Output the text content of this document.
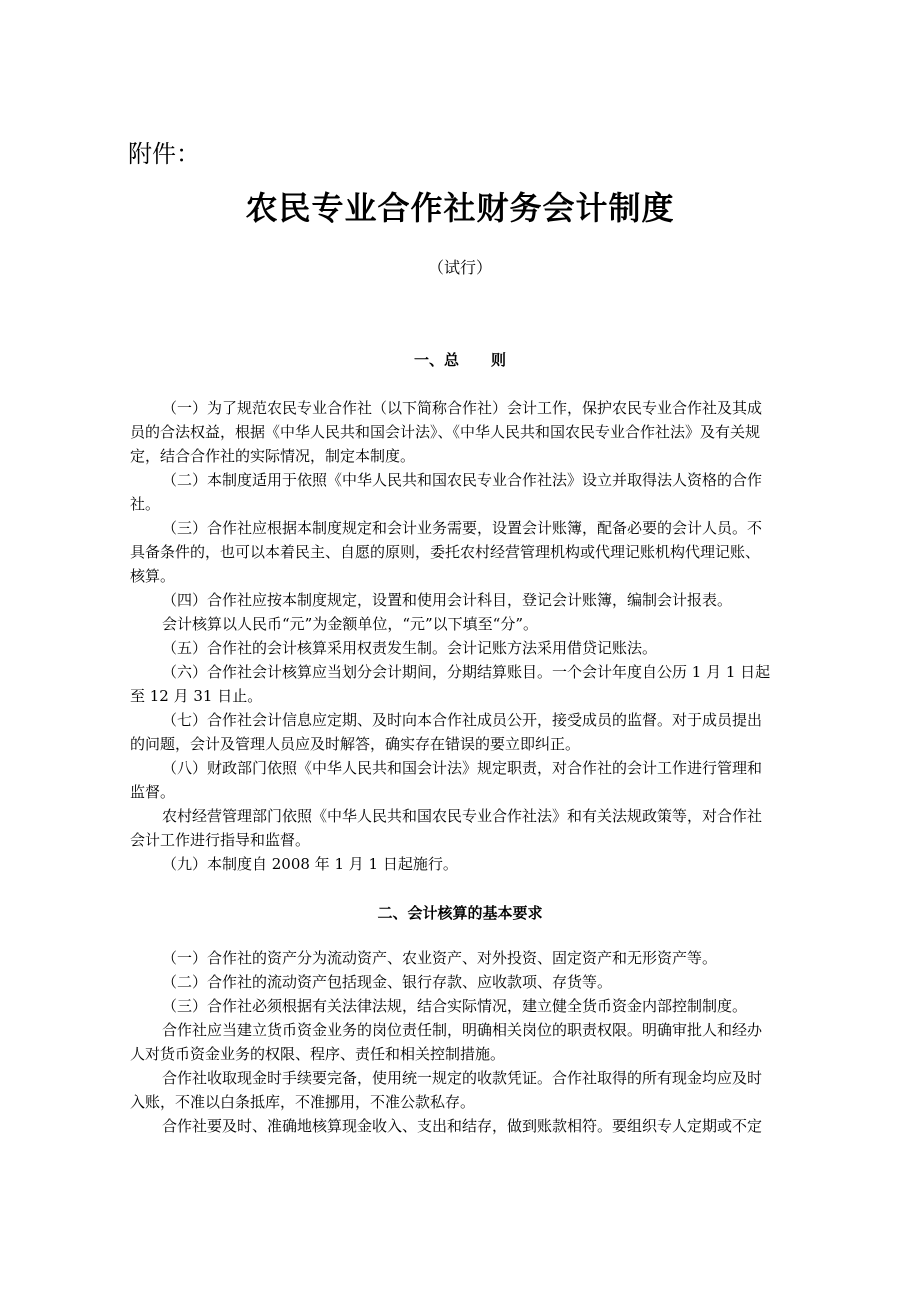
附件：
农民专业合作社财务会计制度
（试行）
一、总 则
（一）为了规范农民专业合作社（以下简称合作社）会计工作，保护农民专业合作社及其成
员的合法权益，根据《中华人民共和国会计法》、《中华人民共和国农民专业合作社法》及有关规
定，结合合作社的实际情况，制定本制度。
（二）本制度适用于依照《中华人民共和国农民专业合作社法》设立并取得法人资格的合作
社。
（三）合作社应根据本制度规定和会计业务需要，设置会计账簿，配备必要的会计人员。不
具备条件的，也可以本着民主、自愿的原则，委托农村经营管理机构或代理记账机构代理记账、
核算。
（四）合作社应按本制度规定，设置和使用会计科目，登记会计账簿，编制会计报表。
会计核算以人民币“元”为金额单位，“元”以下填至“分”。
（五）合作社的会计核算采用权责发生制。会计记账方法采用借贷记账法。
（六）合作社会计核算应当划分会计期间，分期结算账目。一个会计年度自公历 1 月 1 日起
至 12 月 31 日止。
（七）合作社会计信息应定期、及时向本合作社成员公开，接受成员的监督。对于成员提出
的问题，会计及管理人员应及时解答，确实存在错误的要立即纠正。
（八）财政部门依照《中华人民共和国会计法》规定职责，对合作社的会计工作进行管理和
监督。
农村经营管理部门依照《中华人民共和国农民专业合作社法》和有关法规政策等，对合作社
会计工作进行指导和监督。
（九）本制度自 2008 年 1 月 1 日起施行。
二、会计核算的基本要求
（一）合作社的资产分为流动资产、农业资产、对外投资、固定资产和无形资产等。
（二）合作社的流动资产包括现金、银行存款、应收款项、存货等。
（三）合作社必须根据有关法律法规，结合实际情况，建立健全货币资金内部控制制度。
合作社应当建立货币资金业务的岗位责任制，明确相关岗位的职责权限。明确审批人和经办
人对货币资金业务的权限、程序、责任和相关控制措施。
合作社收取现金时手续要完备，使用统一规定的收款凭证。合作社取得的所有现金均应及时
入账，不准以白条抵库，不准挪用，不准公款私存。
合作社要及时、准确地核算现金收入、支出和结存，做到账款相符。要组织专人定期或不定
